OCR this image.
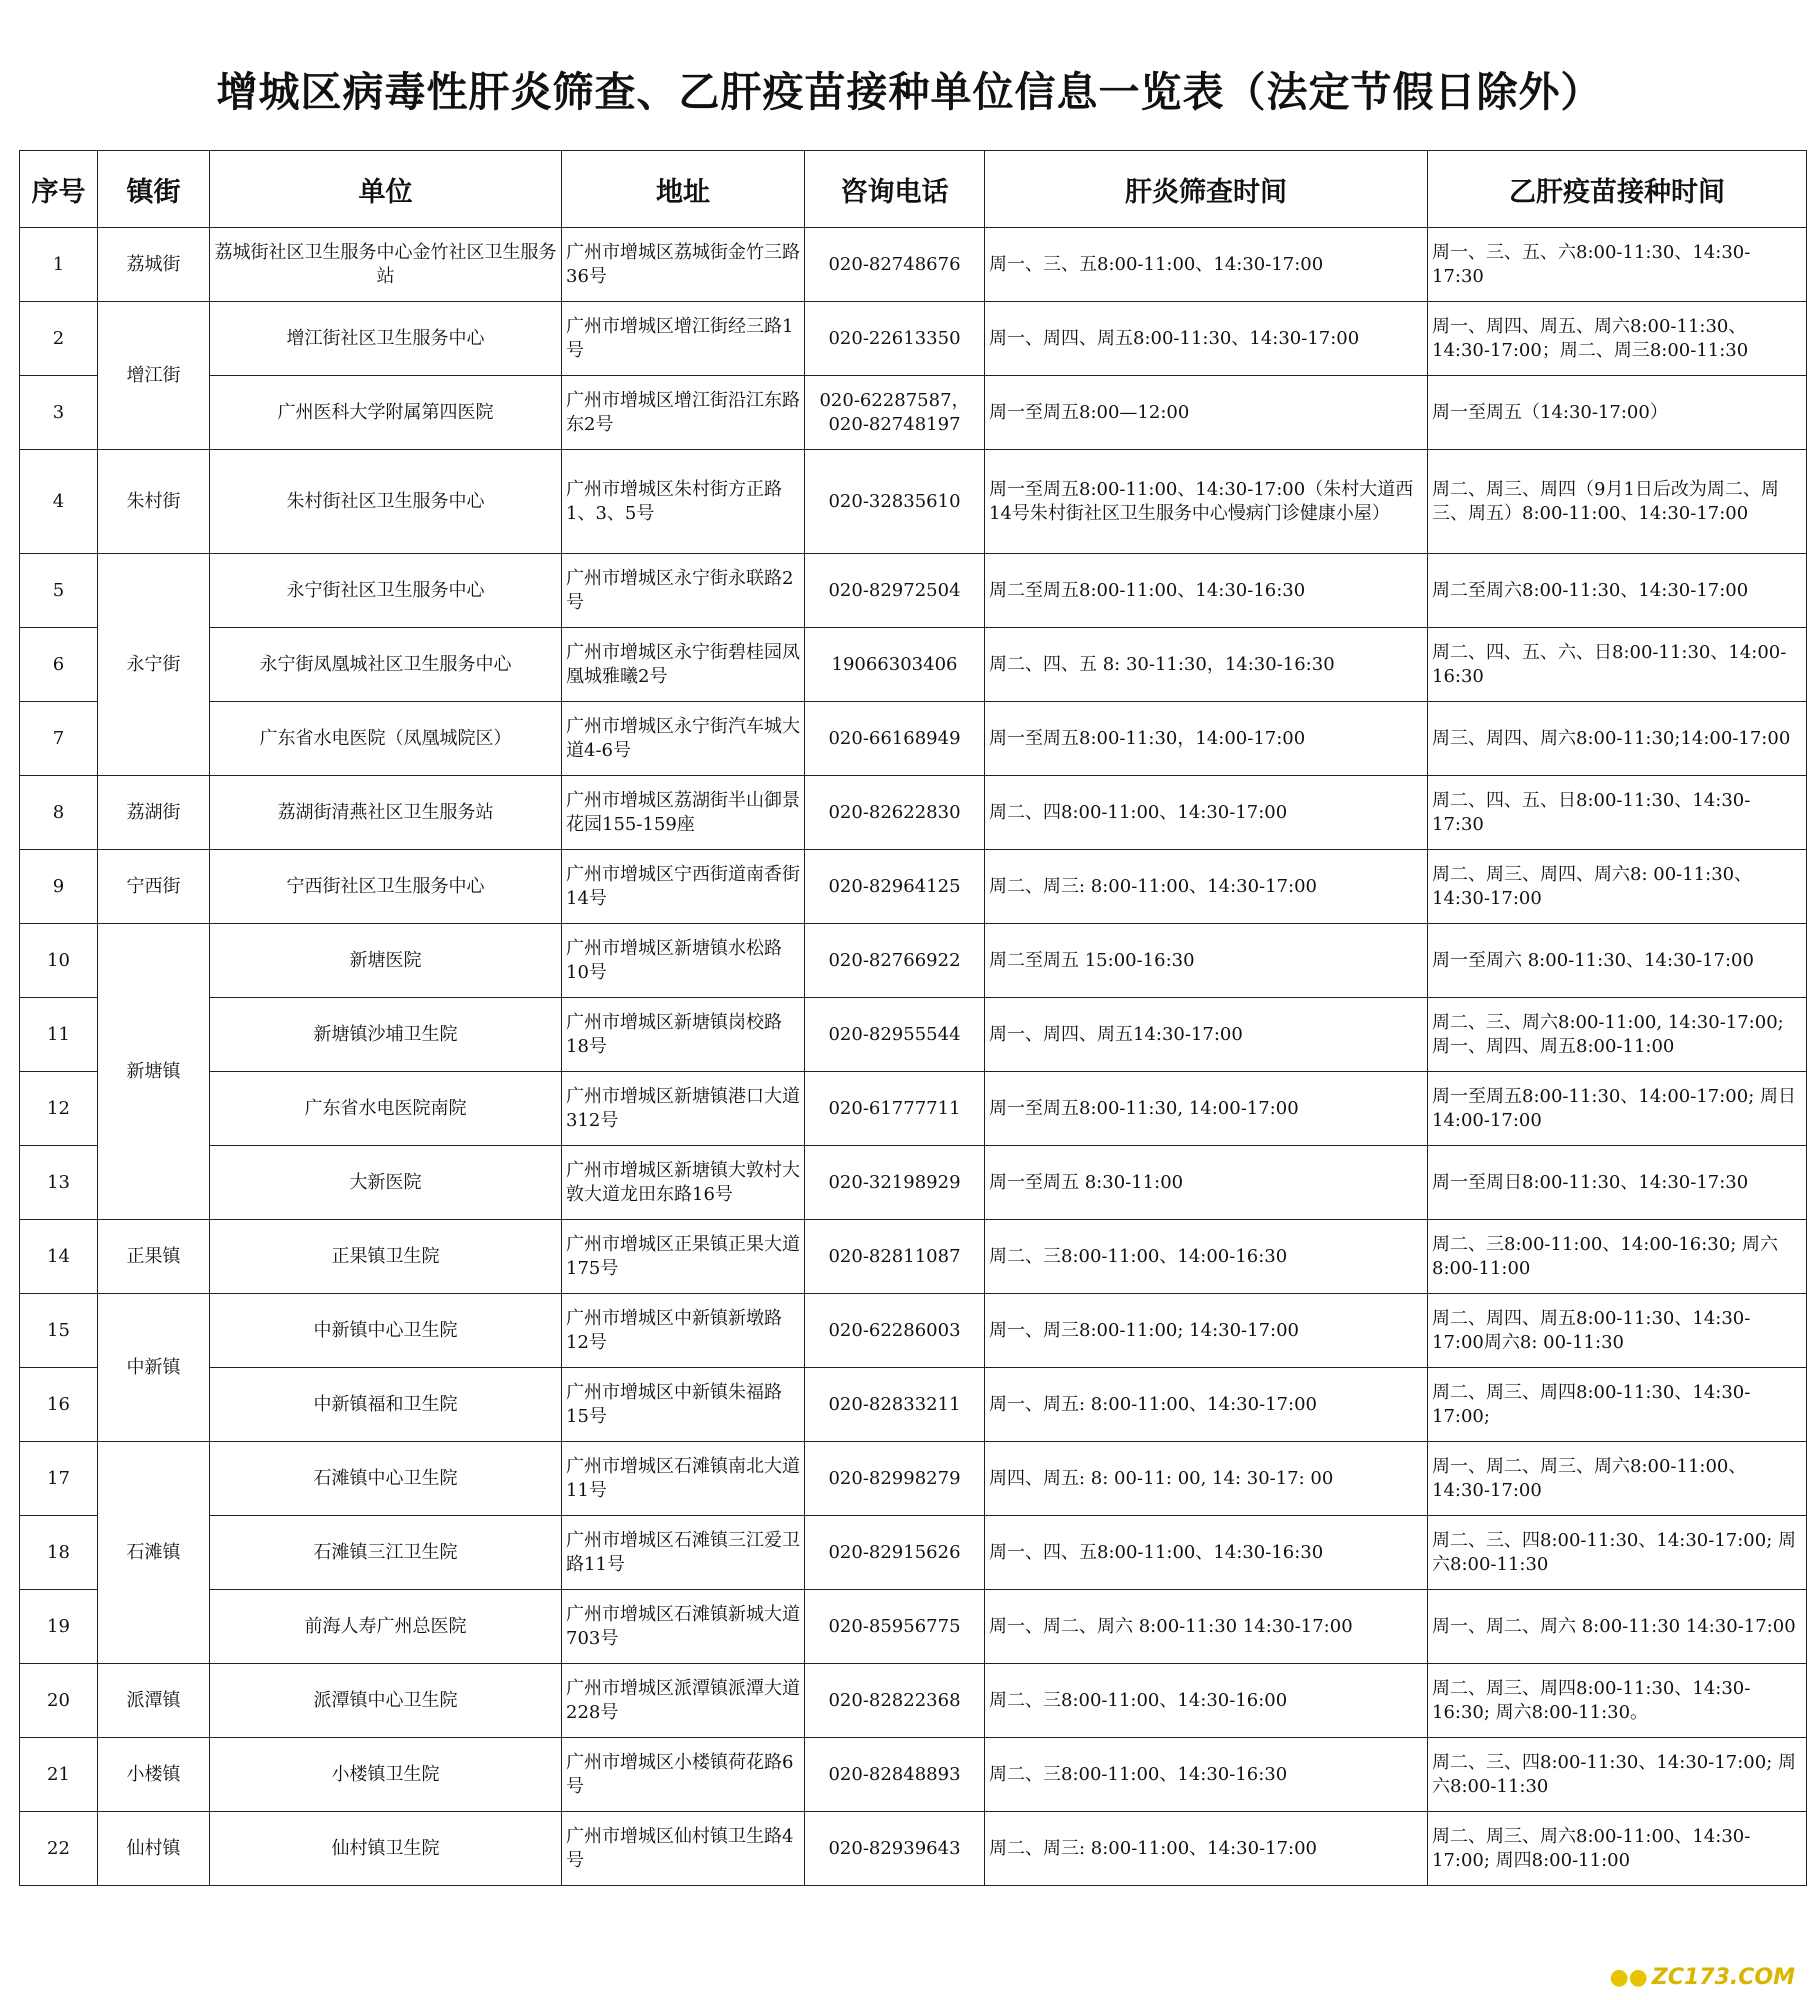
增城区病毒性肝炎筛查、乙肝疫苗接种单位信息一览表（法定节假日除外）
序号	镇街	单位	地址	咨询电话	肝炎筛查时间	乙肝疫苗接种时间
1	荔城街	荔城街社区卫生服务中心金竹社区卫生服务站	广州市增城区荔城街金竹三路36号	020-82748676	周一、三、五8:00-11:00、14:30-17:00	周一、三、五、六8:00-11:30、14:30-17:30
2	增江街	增江街社区卫生服务中心	广州市增城区增江街经三路1号	020-22613350	周一、周四、周五8:00-11:30、14:30-17:00	周一、周四、周五、周六8:00-11:30、14:30-17:00；周二、周三8:00-11:30
3		广州医科大学附属第四医院	广州市增城区增江街沿江东路东2号	020-62287587，020-82748197	周一至周五8:00—12:00	周一至周五（14:30-17:00）
4	朱村街	朱村街社区卫生服务中心	广州市增城区朱村街方正路1、3、5号	020-32835610	周一至周五8:00-11:00、14:30-17:00（朱村大道西14号朱村街社区卫生服务中心慢病门诊健康小屋）	周二、周三、周四（9月1日后改为周二、周三、周五）8:00-11:00、14:30-17:00
5	永宁街	永宁街社区卫生服务中心	广州市增城区永宁街永联路2号	020-82972504	周二至周五8:00-11:00、14:30-16:30	周二至周六8:00-11:30、14:30-17:00
6		永宁街凤凰城社区卫生服务中心	广州市增城区永宁街碧桂园凤凰城雅曦2号	19066303406	周二、四、五 8: 30-11:30，14:30-16:30	周二、四、五、六、日8:00-11:30、14:00-16:30
7		广东省水电医院（凤凰城院区）	广州市增城区永宁街汽车城大道4-6号	020-66168949	周一至周五8:00-11:30，14:00-17:00	周三、周四、周六8:00-11:30;14:00-17:00
8	荔湖街	荔湖街清燕社区卫生服务站	广州市增城区荔湖街半山御景花园155-159座	020-82622830	周二、四8:00-11:00、14:30-17:00	周二、四、五、日8:00-11:30、14:30-17:30
9	宁西街	宁西街社区卫生服务中心	广州市增城区宁西街道南香街14号	020-82964125	周二、周三: 8:00-11:00、14:30-17:00	周二、周三、周四、周六8: 00-11:30、14:30-17:00
10	新塘镇	新塘医院	广州市增城区新塘镇水松路10号	020-82766922	周二至周五 15:00-16:30	周一至周六 8:00-11:30、14:30-17:00
11		新塘镇沙埔卫生院	广州市增城区新塘镇岗校路18号	020-82955544	周一、周四、周五14:30-17:00	周二、三、周六8:00-11:00, 14:30-17:00; 周一、周四、周五8:00-11:00
12		广东省水电医院南院	广州市增城区新塘镇港口大道312号	020-61777711	周一至周五8:00-11:30, 14:00-17:00	周一至周五8:00-11:30、14:00-17:00; 周日14:00-17:00
13		大新医院	广州市增城区新塘镇大敦村大敦大道龙田东路16号	020-32198929	周一至周五 8:30-11:00	周一至周日8:00-11:30、14:30-17:30
14	正果镇	正果镇卫生院	广州市增城区正果镇正果大道175号	020-82811087	周二、三8:00-11:00、14:00-16:30	周二、三8:00-11:00、14:00-16:30; 周六8:00-11:00
15	中新镇	中新镇中心卫生院	广州市增城区中新镇新墩路12号	020-62286003	周一、周三8:00-11:00; 14:30-17:00	周二、周四、周五8:00-11:30、14:30-17:00周六8: 00-11:30
16		中新镇福和卫生院	广州市增城区中新镇朱福路15号	020-82833211	周一、周五: 8:00-11:00、14:30-17:00	周二、周三、周四8:00-11:30、14:30-17:00;
17	石滩镇	石滩镇中心卫生院	广州市增城区石滩镇南北大道11号	020-82998279	周四、周五: 8: 00-11: 00, 14: 30-17: 00	周一、周二、周三、周六8:00-11:00、14:30-17:00
18		石滩镇三江卫生院	广州市增城区石滩镇三江爱卫路11号	020-82915626	周一、四、五8:00-11:00、14:30-16:30	周二、三、四8:00-11:30、14:30-17:00; 周六8:00-11:30
19		前海人寿广州总医院	广州市增城区石滩镇新城大道703号	020-85956775	周一、周二、周六 8:00-11:30 14:30-17:00	周一、周二、周六 8:00-11:30 14:30-17:00
20	派潭镇	派潭镇中心卫生院	广州市增城区派潭镇派潭大道228号	020-82822368	周二、三8:00-11:00、14:30-16:00	周二、周三、周四8:00-11:30、14:30-16:30; 周六8:00-11:30。
21	小楼镇	小楼镇卫生院	广州市增城区小楼镇荷花路6号	020-82848893	周二、三8:00-11:00、14:30-16:30	周二、三、四8:00-11:30、14:30-17:00; 周六8:00-11:30
22	仙村镇	仙村镇卫生院	广州市增城区仙村镇卫生路4号	020-82939643	周二、周三: 8:00-11:00、14:30-17:00	周二、周三、周六8:00-11:00、14:30-17:00; 周四8:00-11:00
●● ZC173.COM
